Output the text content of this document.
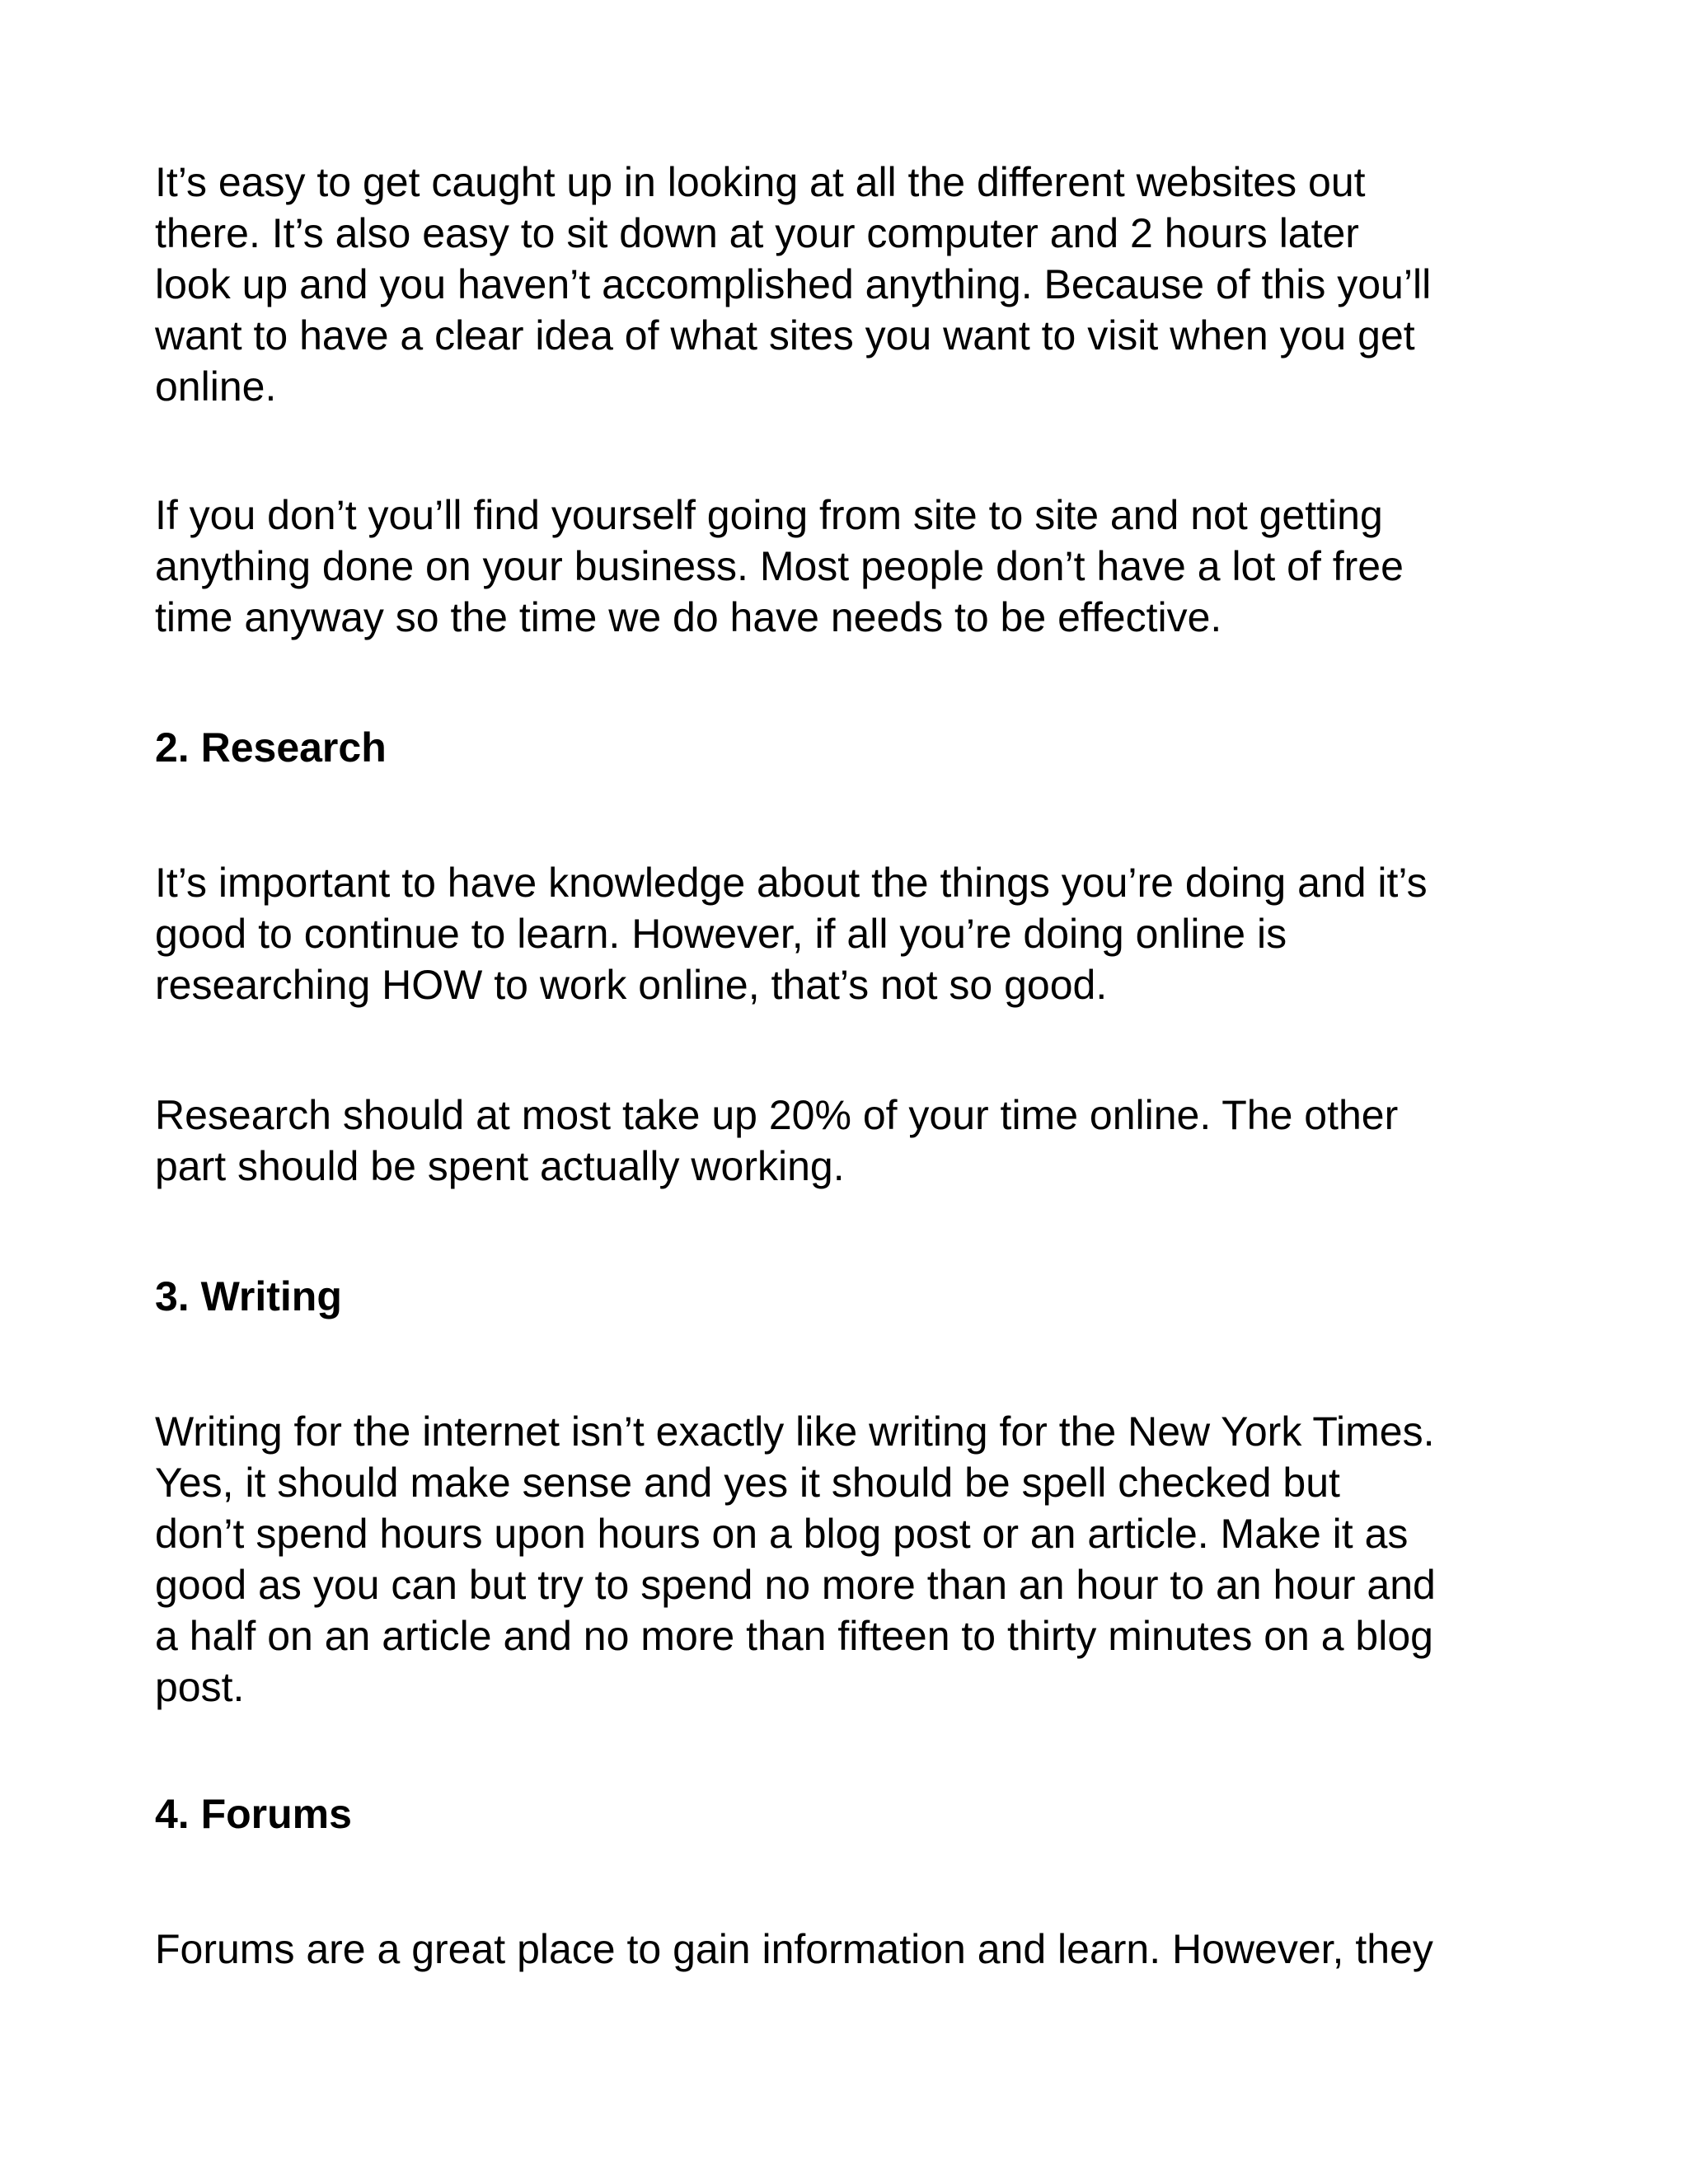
It’s easy to get caught up in looking at all the different websites out
there. It’s also easy to sit down at your computer and 2 hours later
look up and you haven’t accomplished anything. Because of this you’ll
want to have a clear idea of what sites you want to visit when you get
online.

If you don’t you’ll find yourself going from site to site and not getting
anything done on your business. Most people don’t have a lot of free
time anyway so the time we do have needs to be effective.

2. Research

It’s important to have knowledge about the things you’re doing and it’s
good to continue to learn. However, if all you’re doing online is
researching HOW to work online, that’s not so good.

Research should at most take up 20% of your time online. The other
part should be spent actually working.

3. Writing

Writing for the internet isn’t exactly like writing for the New York Times.
Yes, it should make sense and yes it should be spell checked but
don’t spend hours upon hours on a blog post or an article. Make it as
good as you can but try to spend no more than an hour to an hour and
a half on an article and no more than fifteen to thirty minutes on a blog
post.

4. Forums

Forums are a great place to gain information and learn. However, they
